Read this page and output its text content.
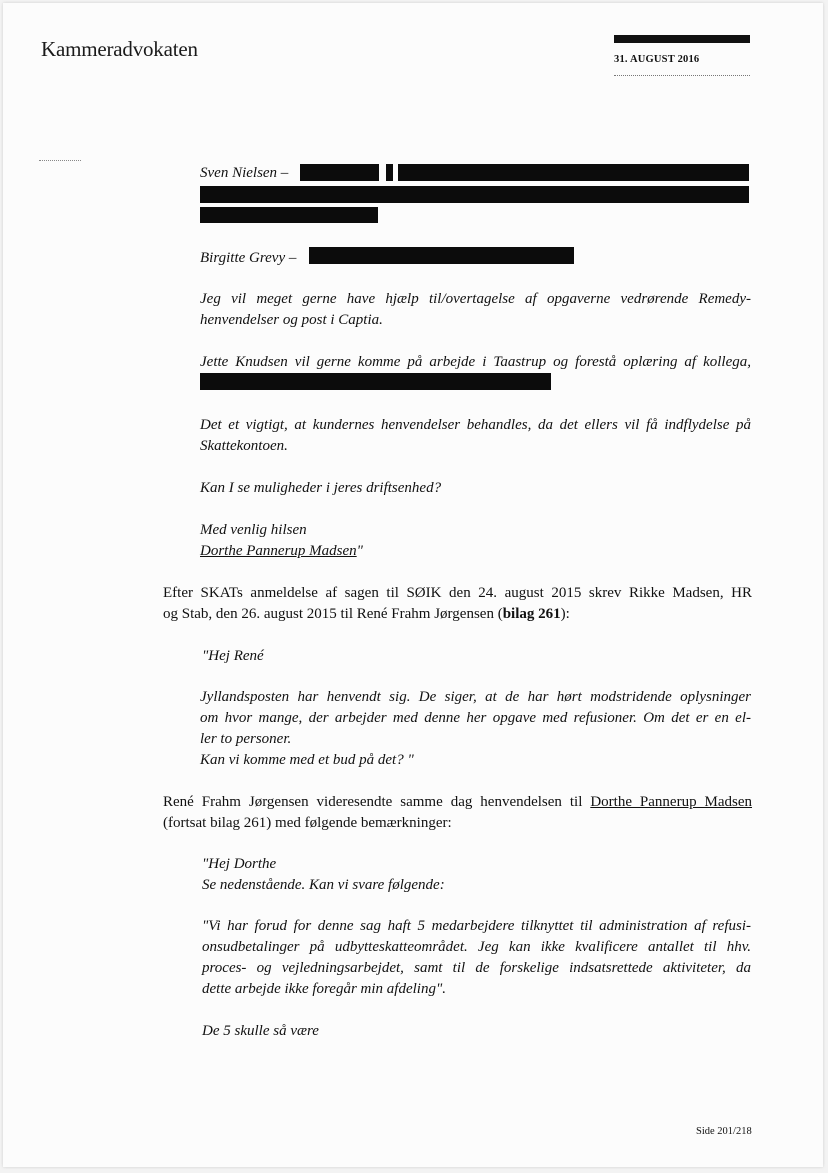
Kammeradvokaten	31. AUGUST 2016
Sven Nielsen –
Birgitte Grevy –
Jeg vil meget gerne have hjælp til/overtagelse af opgaverne vedrørende Remedy-
henvendelser og post i Captia.
Jette Knudsen vil gerne komme på arbejde i Taastrup og forestå oplæring af kollega,
Det et vigtigt, at kundernes henvendelser behandles, da det ellers vil få indflydelse på
Skattekontoen.
Kan I se muligheder i jeres driftsenhed?
Med venlig hilsen
Dorthe Pannerup Madsen"
Efter SKATs anmeldelse af sagen til SØIK den 24. august 2015 skrev Rikke Madsen, HR
og Stab, den 26. august 2015 til René Frahm Jørgensen (bilag 261):
"Hej René
Jyllandsposten har henvendt sig. De siger, at de har hørt modstridende oplysninger
om hvor mange, der arbejder med denne her opgave med refusioner. Om det er en el-
ler to personer.
Kan vi komme med et bud på det? "
René Frahm Jørgensen videresendte samme dag henvendelsen til Dorthe Pannerup Madsen
(fortsat bilag 261) med følgende bemærkninger:
"Hej Dorthe
Se nedenstående. Kan vi svare følgende:
"Vi har forud for denne sag haft 5 medarbejdere tilknyttet til administration af refusi-
onsudbetalinger på udbytteskatteområdet. Jeg kan ikke kvalificere antallet til hhv.
proces- og vejledningsarbejdet, samt til de forskelige indsatsrettede aktiviteter, da
dette arbejde ikke foregår min afdeling".
De 5 skulle så være
Side 201/218
